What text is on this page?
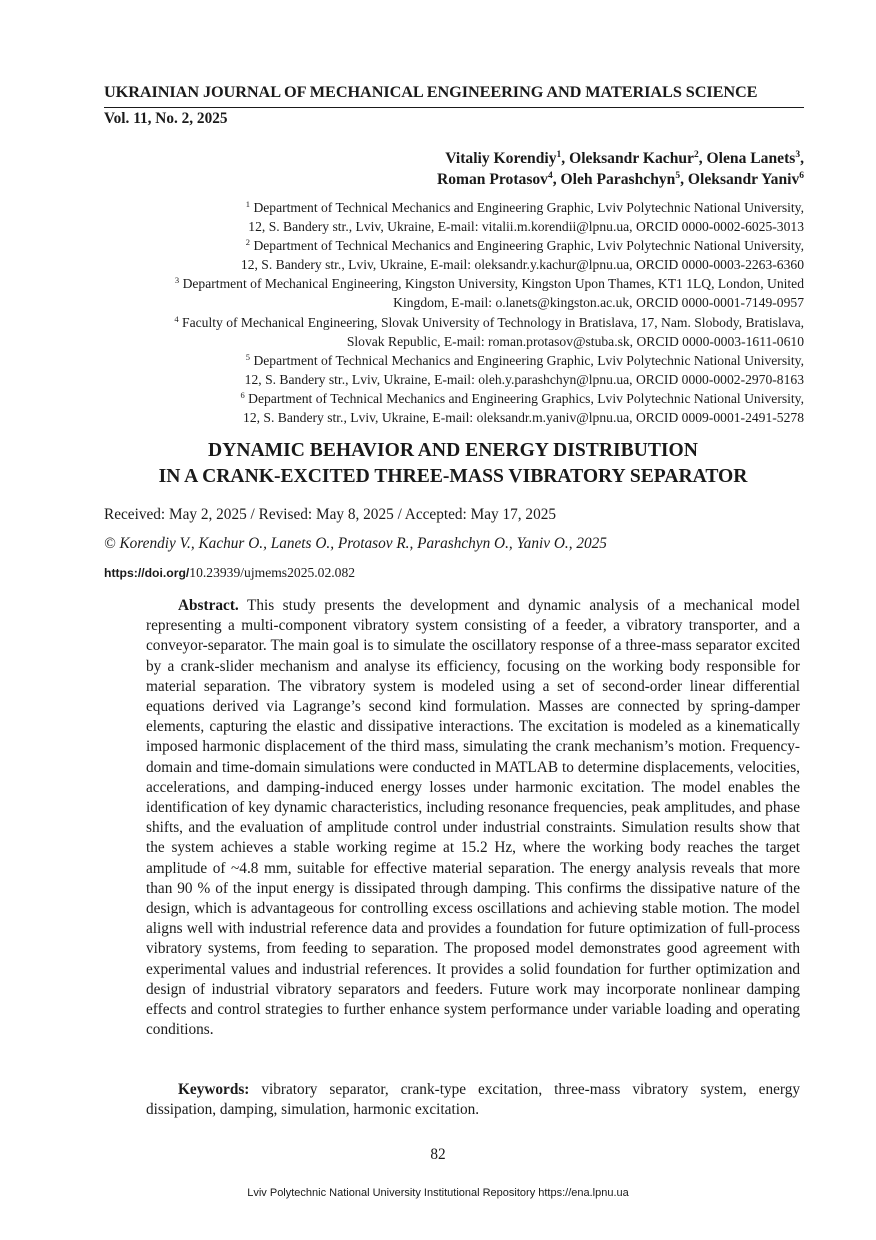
UKRAINIAN JOURNAL OF MECHANICAL ENGINEERING AND MATERIALS SCIENCE
Vol. 11, No. 2, 2025
Vitaliy Korendiy$^1$, Oleksandr Kachur$^2$, Olena Lanets$^3$,
Roman Protasov$^4$, Oleh Parashchyn$^5$, Oleksandr Yaniv$^6$
$^1$ Department of Technical Mechanics and Engineering Graphic, Lviv Polytechnic National University,
12, S. Bandery str., Lviv, Ukraine, E-mail: vitalii.m.korendii@lpnu.ua, ORCID 0000-0002-6025-3013
$^2$ Department of Technical Mechanics and Engineering Graphic, Lviv Polytechnic National University,
12, S. Bandery str., Lviv, Ukraine, E-mail: oleksandr.y.kachur@lpnu.ua, ORCID 0000-0003-2263-6360
$^3$ Department of Mechanical Engineering, Kingston University, Kingston Upon Thames, KT1 1LQ, London, United
Kingdom, E-mail: o.lanets@kingston.ac.uk, ORCID 0000-0001-7149-0957
$^4$ Faculty of Mechanical Engineering, Slovak University of Technology in Bratislava, 17, Nam. Slobody, Bratislava,
Slovak Republic, E-mail: roman.protasov@stuba.sk, ORCID 0000-0003-1611-0610
$^5$ Department of Technical Mechanics and Engineering Graphic, Lviv Polytechnic National University,
12, S. Bandery str., Lviv, Ukraine, E-mail: oleh.y.parashchyn@lpnu.ua, ORCID 0000-0002-2970-8163
$^6$ Department of Technical Mechanics and Engineering Graphics, Lviv Polytechnic National University,
12, S. Bandery str., Lviv, Ukraine, E-mail: oleksandr.m.yaniv@lpnu.ua, ORCID 0009-0001-2491-5278
DYNAMIC BEHAVIOR AND ENERGY DISTRIBUTION
IN A CRANK-EXCITED THREE-MASS VIBRATORY SEPARATOR
Received: May 2, 2025 / Revised: May 8, 2025 / Accepted: May 17, 2025
© Korendiy V., Kachur O., Lanets O., Protasov R., Parashchyn O., Yaniv O., 2025
https://doi.org/10.23939/ujmems2025.02.082

Abstract. This study presents the development and dynamic analysis of a mechanical model representing a multi-component vibratory system consisting of a feeder, a vibratory transporter, and a conveyor-separator. The main goal is to simulate the oscillatory response of a three-mass separator excited by a crank-slider mechanism and analyse its efficiency, focusing on the working body responsible for material separation. The vibratory system is modeled using a set of second-order linear differential equations derived via Lagrange’s second kind formulation. Masses are connected by spring-damper elements, capturing the elastic and dissipative interactions. The excitation is modeled as a kinematically imposed harmonic displacement of the third mass, simulating the crank mechanism’s motion. Frequency-domain and time-domain simulations were conducted in MATLAB to determine displacements, velocities, accelerations, and damping-induced energy losses under harmonic excitation. The model enables the identification of key dynamic characteristics, including resonance frequencies, peak amplitudes, and phase shifts, and the evaluation of amplitude control under industrial constraints. Simulation results show that the system achieves a stable working regime at 15.2 Hz, where the working body reaches the target amplitude of ~4.8 mm, suitable for effective material separation. The energy analysis reveals that more than 90 % of the input energy is dissipated through damping. This confirms the dissipative nature of the design, which is advantageous for controlling excess oscillations and achieving stable motion. The model aligns well with industrial reference data and provides a foundation for future optimization of full-process vibratory systems, from feeding to separation. The proposed model demonstrates good agreement with experimental values and industrial references. It provides a solid foundation for further optimization and design of industrial vibratory separators and feeders. Future work may incorporate nonlinear damping effects and control strategies to further enhance system performance under variable loading and operating conditions.

Keywords: vibratory separator, crank-type excitation, three-mass vibratory system, energy dissipation, damping, simulation, harmonic excitation.

82
Lviv Polytechnic National University Institutional Repository https://ena.lpnu.ua
